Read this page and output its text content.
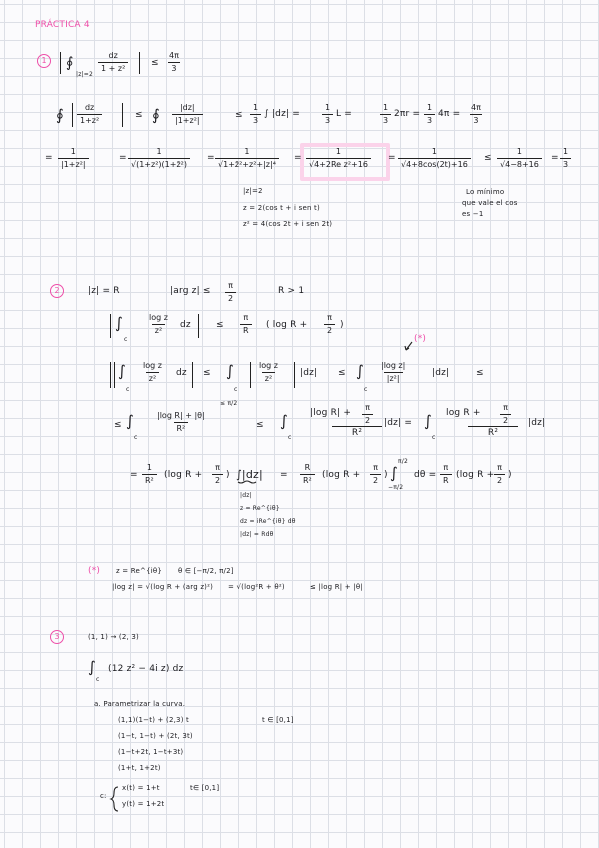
PRÁCTICA 4
1	∮
|z|=2
$\frac{dz}{\text{1 + z²}}$	≤ $\frac{4\pi}{3}$
∮ $\frac{dz}{\text{1+z²}}$	≤ ∮ $\frac{|dz|}{\text{|1+z²|}}$	≤ $\frac{1}{3}$ ∫ |dz| =	$\frac{1}{3}$ L =	$\frac{1}{3} 2\pi r = \frac{1}{3} 4\pi = \frac{4\pi}{3}$
= $\frac{1}{\text{|1+z²|}}$	= $\frac{1}{\text{√(1+z²)(1+z̄²)}} = \frac{1}{\text{√1+z̄²+z²+|z|⁴}} = \frac{1}{\text{√4+2Re z²+16}} = \frac{1}{√4+8\cos(2t)+16} \le \frac{1}{√4-8+16} = \frac{1}{3}$
|z|=2
z = 2(cos t + i sen t)
z² = 4(cos 2t + i sen 2t)
Lo mínimo
que vale el cos
es −1
2	|z| = R	|arg $z| \le \frac{\pi}{2}$	R > 1
∫
c
$\frac{\text{log z}}{\text{z²}}$ dz	≤ $\frac{\pi}{R}$ ( $\log R + \frac{\pi}{2}$ )
(*)
∫
c
$\frac{\text{log z}}{\text{z²}}$ dz ≤ ∫
c
$\frac{\text{log z}}{\text{z²}} |dz|$ ≤ ∫
c
$\frac{\text{|log z|}}{\text{|z²|}}$	|dz|	≤
≤ ∫
c
$\frac{\text{|log R| + |θ|}}{\text{R²}}$
≤ π/2
≤ ∫
c
|log $R| + \frac{\pi}{2}$
R²
|dz| = ∫
c
$\log R + \frac{\pi}{2}$
R²
|dz|
= $\frac{1}{\text{R²}} (\log$ $R + \frac{\pi}{2}$ ) $\int|dz| = \frac{R}{\text{R²}} (\log$ $R + \frac{\pi}{2}$ ) ∫
π/2
−π/2
$d\theta = \frac{\pi}{R} (\log$ $R + \frac{\pi}{2}$ )
|dz|
z = Re^{iθ}
dz = iRe^{iθ} dθ
|dz| = Rdθ
(*) z = Re^{iθ} θ ∈ [−π/2, π/2]
|log z| = √(log R + (arg z)²) = √(log²R + θ²)	≤ |log R| + |θ|
3	(1, 1) → (2, 3)
∫
c
(12 z² − 4i z) dz
a. Parametrizar la curva.
(1,1)(1−t) + (2,3) t	t ∈ [0,1]
(1−t, 1−t) + (2t, 3t)
(1−t+2t, 1−t+3t)
(1+t, 1+2t)
c:
x(t) = 1+t
y(t) = 1+2t
t∈ [0,1]
